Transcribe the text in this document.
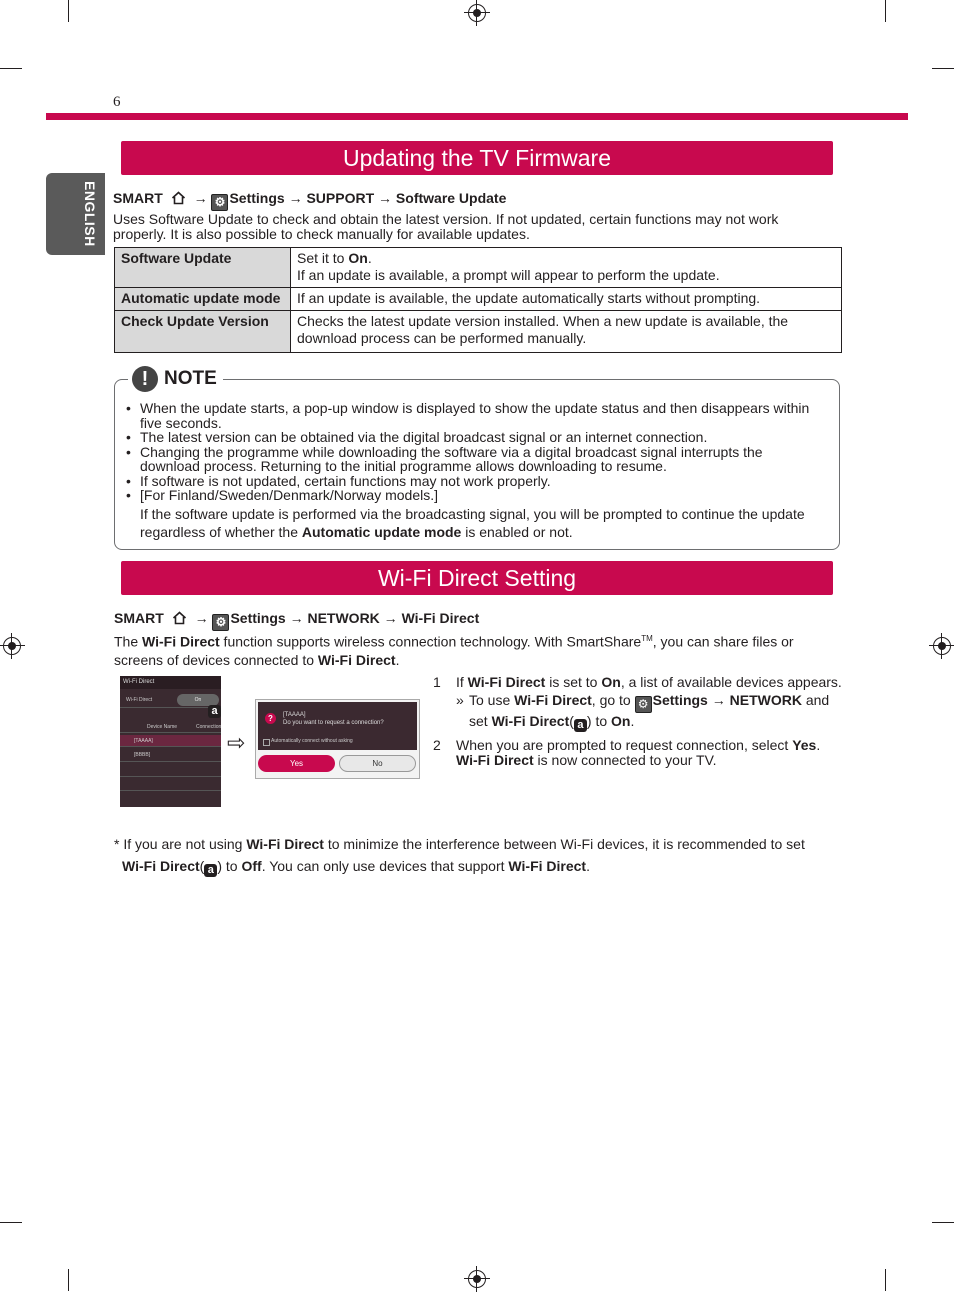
6
ENGLISH
Updating the TV Firmware
SMART → ⚙ Settings → SUPPORT → Software Update
Uses Software Update to check and obtain the latest version. If not updated, certain functions may not work properly. It is also possible to check manually for available updates.
Software Update	Set it to On.
If an update is available, a prompt will appear to perform the update.
Automatic update mode	If an update is available, the update automatically starts without prompting.
Check Update Version	Checks the latest update version installed. When a new update is available, the download process can be performed manually.
! NOTE
• When the update starts, a pop-up window is displayed to show the update status and then disappears within five seconds.
• The latest version can be obtained via the digital broadcast signal or an internet connection.
• Changing the programme while downloading the software via a digital broadcast signal interrupts the download process. Returning to the initial programme allows downloading to resume.
• If software is not updated, certain functions may not work properly.
• [For Finland/Sweden/Denmark/Norway models.]
If the software update is performed via the broadcasting signal, you will be prompted to continue the update regardless of whether the Automatic update mode is enabled or not.
Wi-Fi Direct Setting
SMART → ⚙ Settings → NETWORK → Wi-Fi Direct
The Wi-Fi Direct function supports wireless connection technology. With SmartShare™, you can share files or screens of devices connected to Wi-Fi Direct.
Wi-Fi Direct
Wi-Fi Direct	On
a
Device Name	Connection
[TAAAA]
[BBBB]	⇨
?	[TAAAA]
Do you want to request a connection?
Automatically connect without asking
Yes	No
1 If Wi-Fi Direct is set to On, a list of available devices appears.
» To use Wi-Fi Direct, go to ⚙ Settings → NETWORK and set Wi-Fi Direct( a ) to On.
2 When you are prompted to request connection, select Yes.
Wi-Fi Direct is now connected to your TV.
* If you are not using Wi-Fi Direct to minimize the interference between Wi-Fi devices, it is recommended to set
Wi-Fi Direct( a ) to Off. You can only use devices that support Wi-Fi Direct.
